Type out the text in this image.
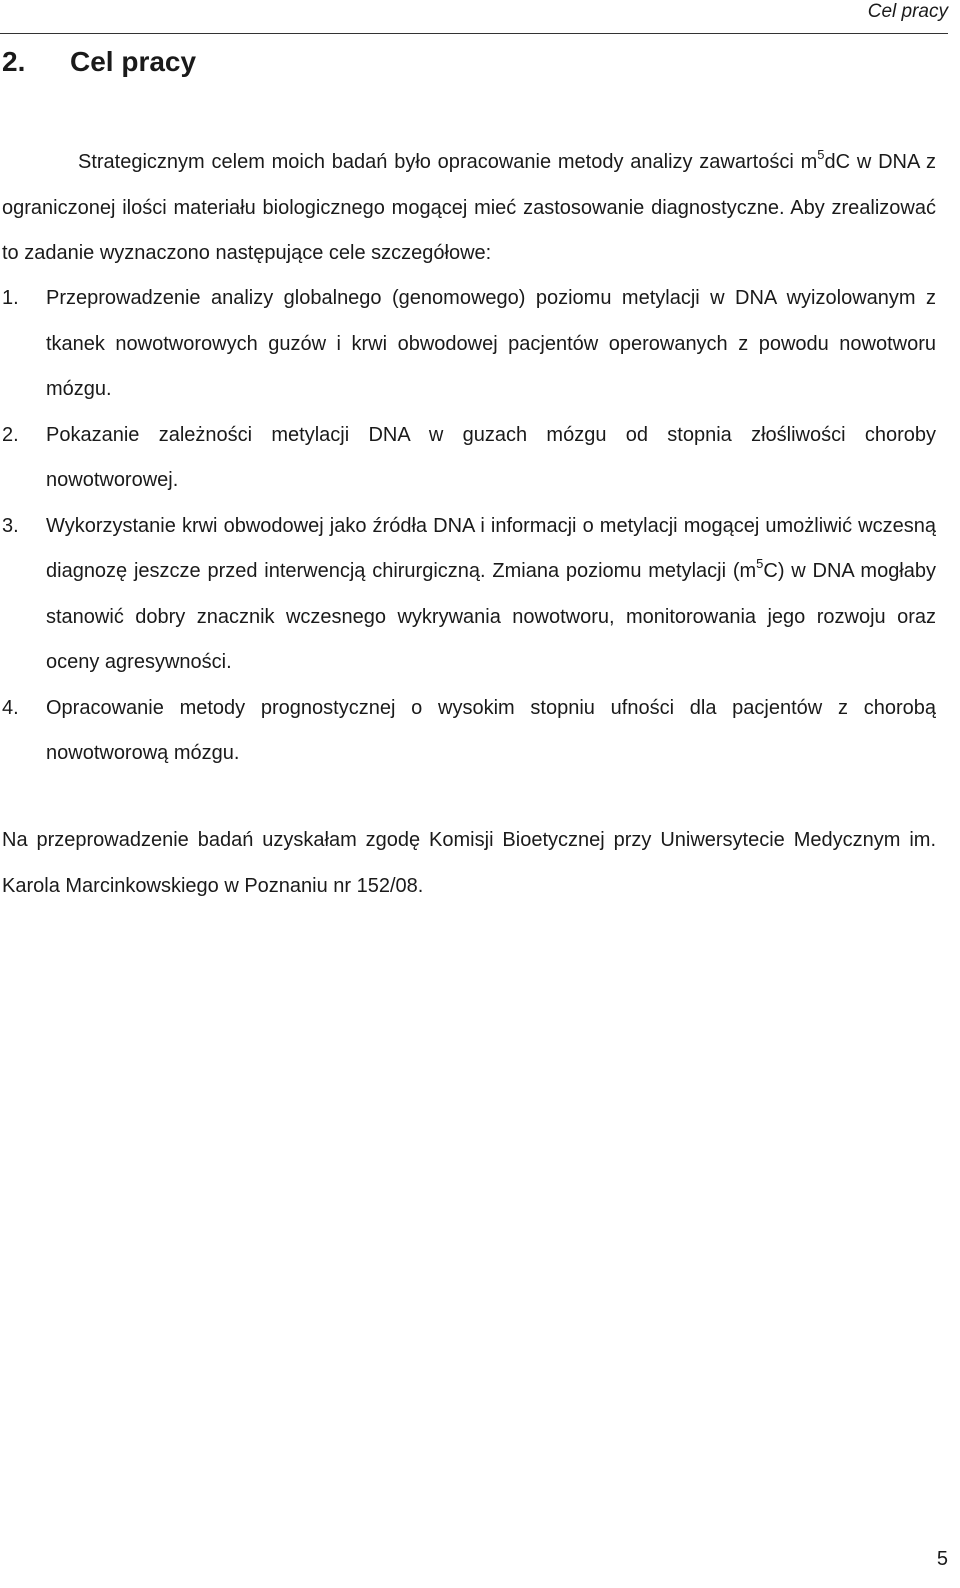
Cel pracy
2. Cel pracy

Strategicznym celem moich badań było opracowanie metody analizy zawartości $m^5dC$ w DNA z ograniczonej ilości materiału biologicznego mogącej mieć zastosowanie diagnostyczne. Aby zrealizować to zadanie wyznaczono następujące cele szczegółowe:

1. Przeprowadzenie analizy globalnego (genomowego) poziomu metylacji w DNA wyizolowanym z tkanek nowotworowych guzów i krwi obwodowej pacjentów operowanych z powodu nowotworu mózgu.
2. Pokazanie zależności metylacji DNA w guzach mózgu od stopnia złośliwości choroby nowotworowej.
3. Wykorzystanie krwi obwodowej jako źródła DNA i informacji o metylacji mogącej umożliwić wczesną diagnozę jeszcze przed interwencją chirurgiczną. Zmiana poziomu metylacji $(m^5C)$ w DNA mogłaby stanowić dobry znacznik wczesnego wykrywania nowotworu, monitorowania jego rozwoju oraz oceny agresywności.
4. Opracowanie metody prognostycznej o wysokim stopniu ufności dla pacjentów z chorobą nowotworową mózgu.

Na przeprowadzenie badań uzyskałam zgodę Komisji Bioetycznej przy Uniwersytecie Medycznym im. Karola Marcinkowskiego w Poznaniu nr 152/08.

5
